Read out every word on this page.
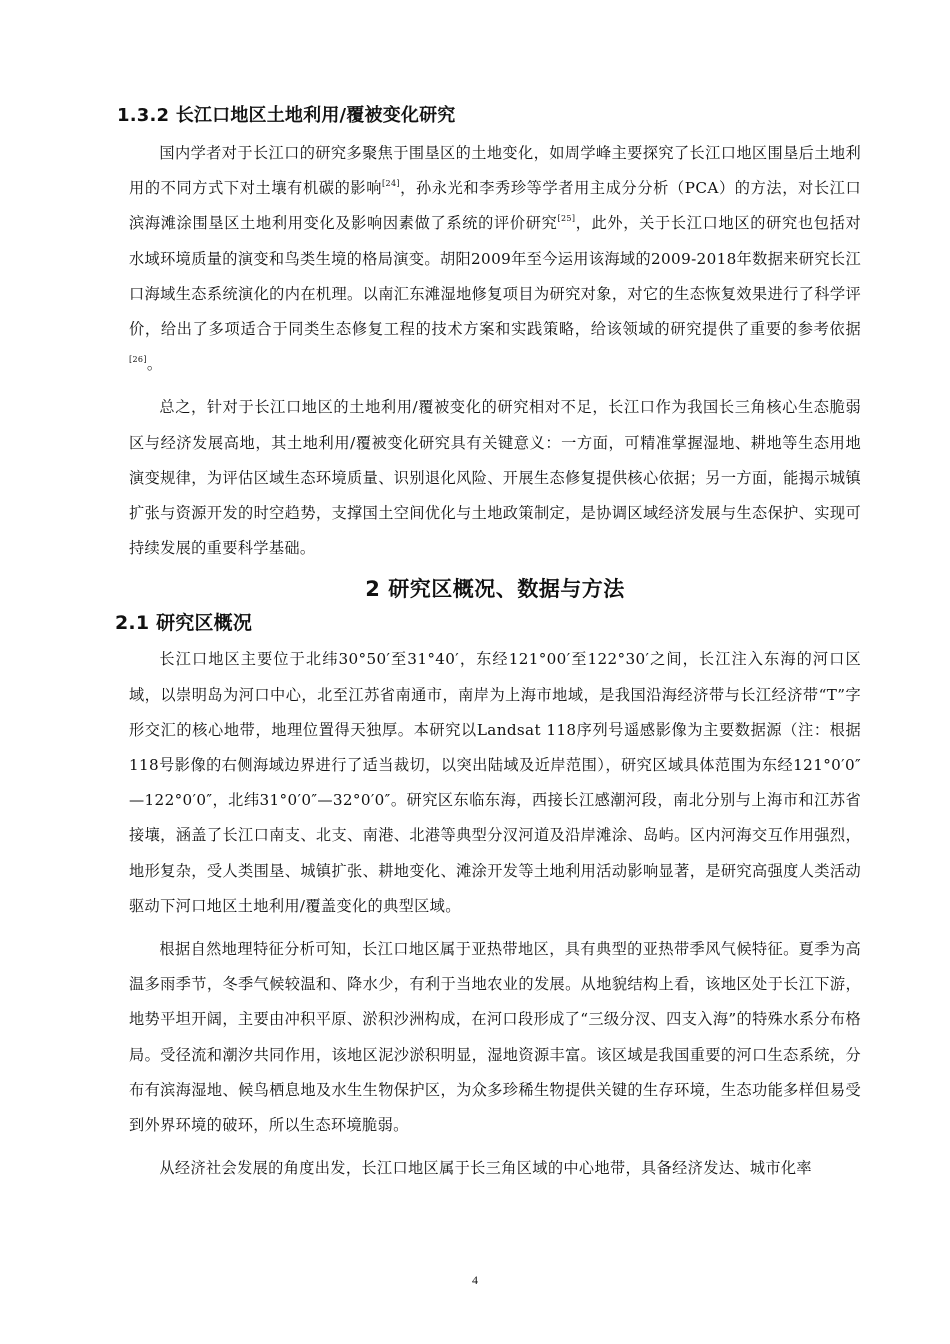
1.3.2 长江口地区土地利用/覆被变化研究

国内学者对于长江口的研究多聚焦于围垦区的土地变化，如周学峰主要探究了长江口地区围垦后土地利用的不同方式下对土壤有机碳的影响[24]，孙永光和李秀珍等学者用主成分分析（PCA）的方法，对长江口滨海滩涂围垦区土地利用变化及影响因素做了系统的评价研究[25]，此外，关于长江口地区的研究也包括对水域环境质量的演变和鸟类生境的格局演变。胡阳2009年至今运用该海域的2009-2018年数据来研究长江口海域生态系统演化的内在机理。以南汇东滩湿地修复项目为研究对象，对它的生态恢复效果进行了科学评价，给出了多项适合于同类生态修复工程的技术方案和实践策略，给该领域的研究提供了重要的参考依据[26]。

总之，针对于长江口地区的土地利用/覆被变化的研究相对不足，长江口作为我国长三角核心生态脆弱区与经济发展高地，其土地利用/覆被变化研究具有关键意义：一方面，可精准掌握湿地、耕地等生态用地演变规律，为评估区域生态环境质量、识别退化风险、开展生态修复提供核心依据；另一方面，能揭示城镇扩张与资源开发的时空趋势，支撑国土空间优化与土地政策制定，是协调区域经济发展与生态保护、实现可持续发展的重要科学基础。

2 研究区概况、数据与方法
2.1 研究区概况

长江口地区主要位于北纬30°50′至31°40′，东经121°00′至122°30′之间，长江注入东海的河口区域，以崇明岛为河口中心，北至江苏省南通市，南岸为上海市地域，是我国沿海经济带与长江经济带“T”字形交汇的核心地带，地理位置得天独厚。本研究以Landsat 118序列号遥感影像为主要数据源（注：根据118号影像的右侧海域边界进行了适当裁切，以突出陆域及近岸范围），研究区域具体范围为东经121°0′0″—122°0′0″，北纬31°0′0″—32°0′0″。研究区东临东海，西接长江感潮河段，南北分别与上海市和江苏省接壤，涵盖了长江口南支、北支、南港、北港等典型分汊河道及沿岸滩涂、岛屿。区内河海交互作用强烈，地形复杂，受人类围垦、城镇扩张、耕地变化、滩涂开发等土地利用活动影响显著，是研究高强度人类活动驱动下河口地区土地利用/覆盖变化的典型区域。

根据自然地理特征分析可知，长江口地区属于亚热带地区，具有典型的亚热带季风气候特征。夏季为高温多雨季节，冬季气候较温和、降水少，有利于当地农业的发展。从地貌结构上看，该地区处于长江下游，地势平坦开阔，主要由冲积平原、淤积沙洲构成，在河口段形成了“三级分汊、四支入海”的特殊水系分布格局。受径流和潮汐共同作用，该地区泥沙淤积明显，湿地资源丰富。该区域是我国重要的河口生态系统，分布有滨海湿地、候鸟栖息地及水生生物保护区，为众多珍稀生物提供关键的生存环境，生态功能多样但易受到外界环境的破环，所以生态环境脆弱。

从经济社会发展的角度出发，长江口地区属于长三角区域的中心地带，具备经济发达、城市化率

4
